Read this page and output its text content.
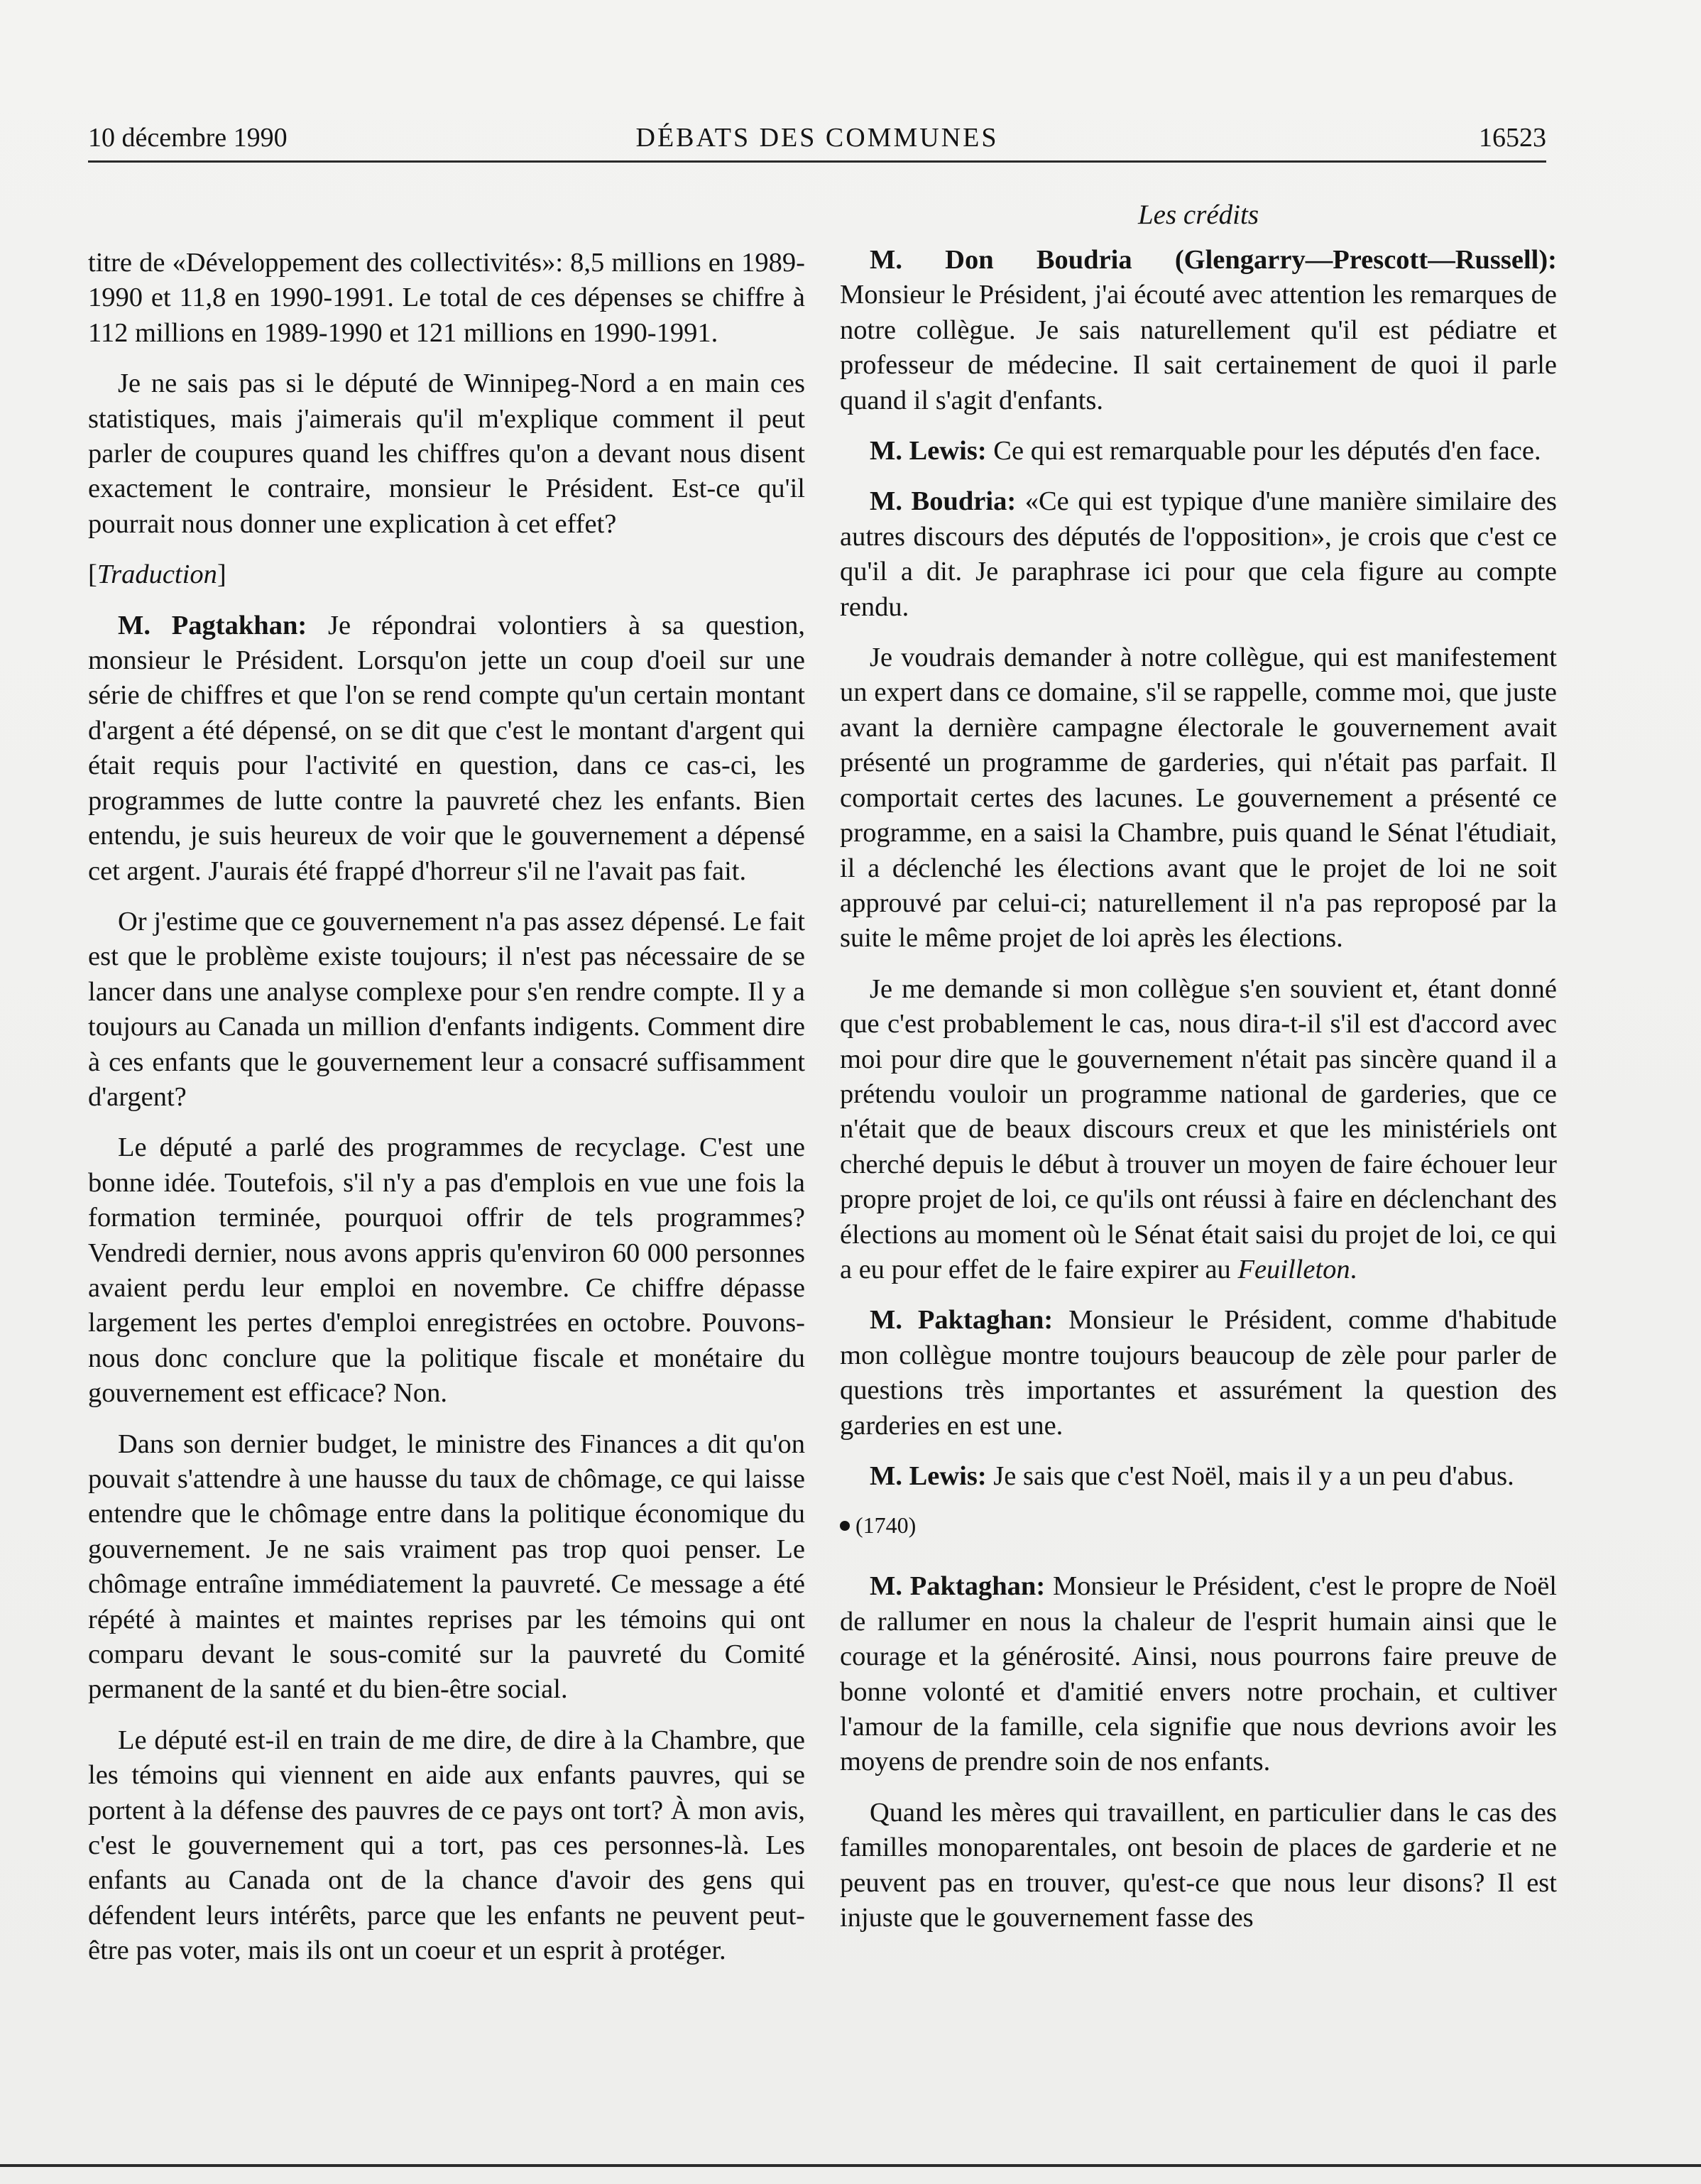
10 décembre 1990	DÉBATS DES COMMUNES	16523

titre de «Développement des collectivités»: 8,5 millions en 1989-1990 et 11,8 en 1990-1991. Le total de ces dépenses se chiffre à 112 millions en 1989-1990 et 121 millions en 1990-1991.

Je ne sais pas si le député de Winnipeg-Nord a en main ces statistiques, mais j'aimerais qu'il m'explique comment il peut parler de coupures quand les chiffres qu'on a devant nous disent exactement le contraire, monsieur le Président. Est-ce qu'il pourrait nous donner une explication à cet effet?

[Traduction]

M. Pagtakhan: Je répondrai volontiers à sa question, monsieur le Président. Lorsqu'on jette un coup d'oeil sur une série de chiffres et que l'on se rend compte qu'un certain montant d'argent a été dépensé, on se dit que c'est le montant d'argent qui était requis pour l'activité en question, dans ce cas-ci, les programmes de lutte contre la pauvreté chez les enfants. Bien entendu, je suis heureux de voir que le gouvernement a dépensé cet argent. J'aurais été frappé d'horreur s'il ne l'avait pas fait.

Or j'estime que ce gouvernement n'a pas assez dépensé. Le fait est que le problème existe toujours; il n'est pas nécessaire de se lancer dans une analyse complexe pour s'en rendre compte. Il y a toujours au Canada un million d'enfants indigents. Comment dire à ces enfants que le gouvernement leur a consacré suffisamment d'argent?

Le député a parlé des programmes de recyclage. C'est une bonne idée. Toutefois, s'il n'y a pas d'emplois en vue une fois la formation terminée, pourquoi offrir de tels programmes? Vendredi dernier, nous avons appris qu'environ 60 000 personnes avaient perdu leur emploi en novembre. Ce chiffre dépasse largement les pertes d'emploi enregistrées en octobre. Pouvons-nous donc conclure que la politique fiscale et monétaire du gouvernement est efficace? Non.

Dans son dernier budget, le ministre des Finances a dit qu'on pouvait s'attendre à une hausse du taux de chômage, ce qui laisse entendre que le chômage entre dans la politique économique du gouvernement. Je ne sais vraiment pas trop quoi penser. Le chômage entraîne immédiatement la pauvreté. Ce message a été répété à maintes et maintes reprises par les témoins qui ont comparu devant le sous-comité sur la pauvreté du Comité permanent de la santé et du bien-être social.

Le député est-il en train de me dire, de dire à la Chambre, que les témoins qui viennent en aide aux enfants pauvres, qui se portent à la défense des pauvres de ce pays ont tort? À mon avis, c'est le gouvernement qui a tort, pas ces personnes-là. Les enfants au Canada ont de la chance d'avoir des gens qui défendent leurs intérêts, parce que les enfants ne peuvent peut-être pas voter, mais ils ont un coeur et un esprit à protéger.

Les crédits

M. Don Boudria (Glengarry—Prescott—Russell): Monsieur le Président, j'ai écouté avec attention les remarques de notre collègue. Je sais naturellement qu'il est pédiatre et professeur de médecine. Il sait certainement de quoi il parle quand il s'agit d'enfants.

M. Lewis: Ce qui est remarquable pour les députés d'en face.

M. Boudria: «Ce qui est typique d'une manière similaire des autres discours des députés de l'opposition», je crois que c'est ce qu'il a dit. Je paraphrase ici pour que cela figure au compte rendu.

Je voudrais demander à notre collègue, qui est manifestement un expert dans ce domaine, s'il se rappelle, comme moi, que juste avant la dernière campagne électorale le gouvernement avait présenté un programme de garderies, qui n'était pas parfait. Il comportait certes des lacunes. Le gouvernement a présenté ce programme, en a saisi la Chambre, puis quand le Sénat l'étudiait, il a déclenché les élections avant que le projet de loi ne soit approuvé par celui-ci; naturellement il n'a pas reproposé par la suite le même projet de loi après les élections.

Je me demande si mon collègue s'en souvient et, étant donné que c'est probablement le cas, nous dira-t-il s'il est d'accord avec moi pour dire que le gouvernement n'était pas sincère quand il a prétendu vouloir un programme national de garderies, que ce n'était que de beaux discours creux et que les ministériels ont cherché depuis le début à trouver un moyen de faire échouer leur propre projet de loi, ce qu'ils ont réussi à faire en déclenchant des élections au moment où le Sénat était saisi du projet de loi, ce qui a eu pour effet de le faire expirer au Feuilleton.

M. Paktaghan: Monsieur le Président, comme d'habitude mon collègue montre toujours beaucoup de zèle pour parler de questions très importantes et assurément la question des garderies en est une.

M. Lewis: Je sais que c'est Noël, mais il y a un peu d'abus.

(1740)

M. Paktaghan: Monsieur le Président, c'est le propre de Noël de rallumer en nous la chaleur de l'esprit humain ainsi que le courage et la générosité. Ainsi, nous pourrons faire preuve de bonne volonté et d'amitié envers notre prochain, et cultiver l'amour de la famille, cela signifie que nous devrions avoir les moyens de prendre soin de nos enfants.

Quand les mères qui travaillent, en particulier dans le cas des familles monoparentales, ont besoin de places de garderie et ne peuvent pas en trouver, qu'est-ce que nous leur disons? Il est injuste que le gouvernement fasse des
